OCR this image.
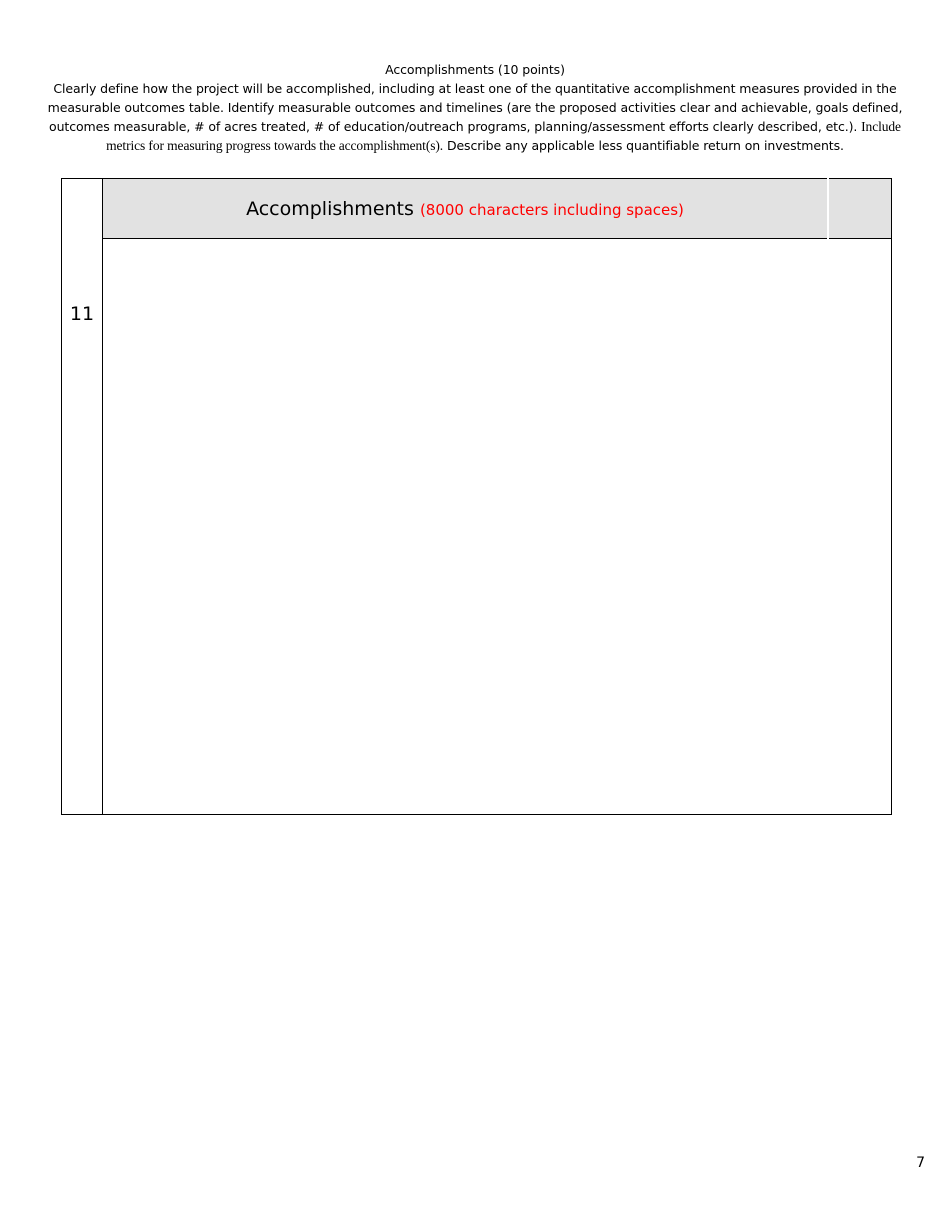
Accomplishments (10 points)
Clearly define how the project will be accomplished, including at least one of the quantitative accomplishment measures provided in the measurable outcomes table. Identify measurable outcomes and timelines (are the proposed activities clear and achievable, goals defined, outcomes measurable, # of acres treated, # of education/outreach programs, planning/assessment efforts clearly described, etc.). Include metrics for measuring progress towards the accomplishment(s). Describe any applicable less quantifiable return on investments.
11	Accomplishments (8000 characters including spaces)	

7
